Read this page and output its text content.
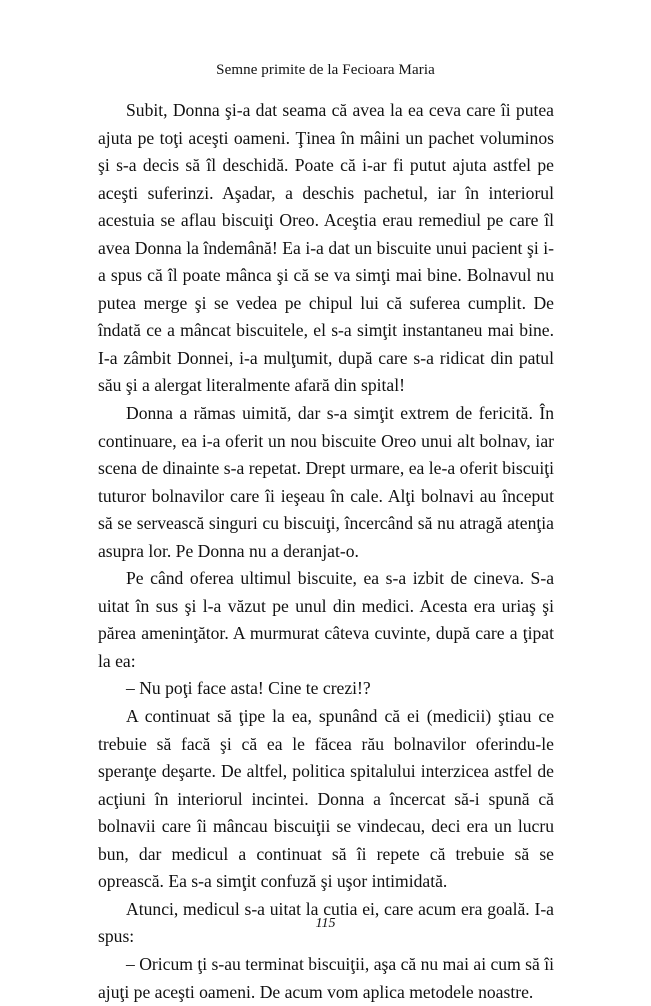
Semne primite de la Fecioara Maria

Subit, Donna şi-a dat seama că avea la ea ceva care îi putea ajuta pe toţi aceşti oameni. Ţinea în mâini un pachet voluminos şi s-a decis să îl deschidă. Poate că i-ar fi putut ajuta astfel pe aceşti suferinzi. Aşadar, a deschis pachetul, iar în interiorul acestuia se aflau biscuiţi Oreo. Aceştia erau remediul pe care îl avea Donna la îndemână! Ea i-a dat un biscuite unui pacient şi i-a spus că îl poate mânca şi că se va simţi mai bine. Bolnavul nu putea merge şi se vedea pe chipul lui că suferea cumplit. De îndată ce a mâncat biscuitele, el s-a simţit instantaneu mai bine. I-a zâmbit Donnei, i-a mulţumit, după care s-a ridicat din patul său şi a alergat literalmente afară din spital!

Donna a rămas uimită, dar s-a simţit extrem de fericită. În continuare, ea i-a oferit un nou biscuite Oreo unui alt bolnav, iar scena de dinainte s-a repetat. Drept urmare, ea le-a oferit biscuiţi tuturor bolnavilor care îi ieşeau în cale. Alţi bolnavi au început să se servească singuri cu biscuiţi, încercând să nu atragă atenţia asupra lor. Pe Donna nu a deranjat-o.

Pe când oferea ultimul biscuite, ea s-a izbit de cineva. S-a uitat în sus şi l-a văzut pe unul din medici. Acesta era uriaş şi părea ameninţător. A murmurat câteva cuvinte, după care a ţipat la ea:

– Nu poţi face asta! Cine te crezi!?

A continuat să ţipe la ea, spunând că ei (medicii) ştiau ce trebuie să facă şi că ea le făcea rău bolnavilor oferindu-le speranţe deşarte. De altfel, politica spitalului interzicea astfel de acţiuni în interiorul incintei. Donna a încercat să-i spună că bolnavii care îi mâncau biscuiţii se vindecau, deci era un lucru bun, dar medicul a continuat să îi repete că trebuie să se oprească. Ea s-a simţit confuză şi uşor intimidată.

Atunci, medicul s-a uitat la cutia ei, care acum era goală. I-a spus:

– Oricum ţi s-au terminat biscuiţii, aşa că nu mai ai cum să îi ajuţi pe aceşti oameni. De acum vom aplica metodele noastre.

115
